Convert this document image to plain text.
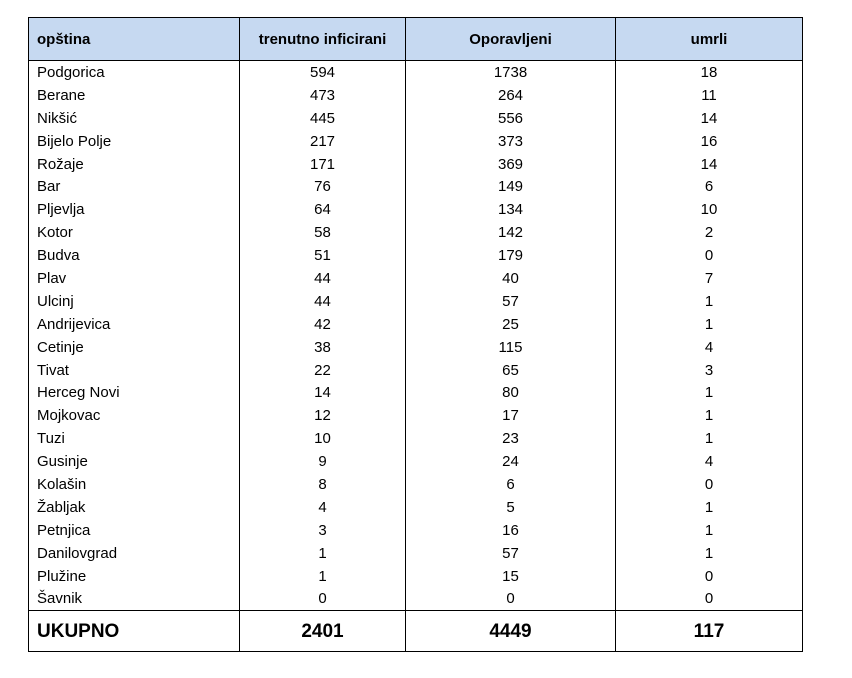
opština	trenutno inficirani	Oporavljeni	umrli
Podgorica	594	1738	18
Berane	473	264	11
Nikšić	445	556	14
Bijelo Polje	217	373	16
Rožaje	171	369	14
Bar	76	149	6
Pljevlja	64	134	10
Kotor	58	142	2
Budva	51	179	0
Plav	44	40	7
Ulcinj	44	57	1
Andrijevica	42	25	1
Cetinje	38	115	4
Tivat	22	65	3
Herceg Novi	14	80	1
Mojkovac	12	17	1
Tuzi	10	23	1
Gusinje	9	24	4
Kolašin	8	6	0
Žabljak	4	5	1
Petnjica	3	16	1
Danilovgrad	1	57	1
Plužine	1	15	0
Šavnik	0	0	0
UKUPNO	2401	4449	117
